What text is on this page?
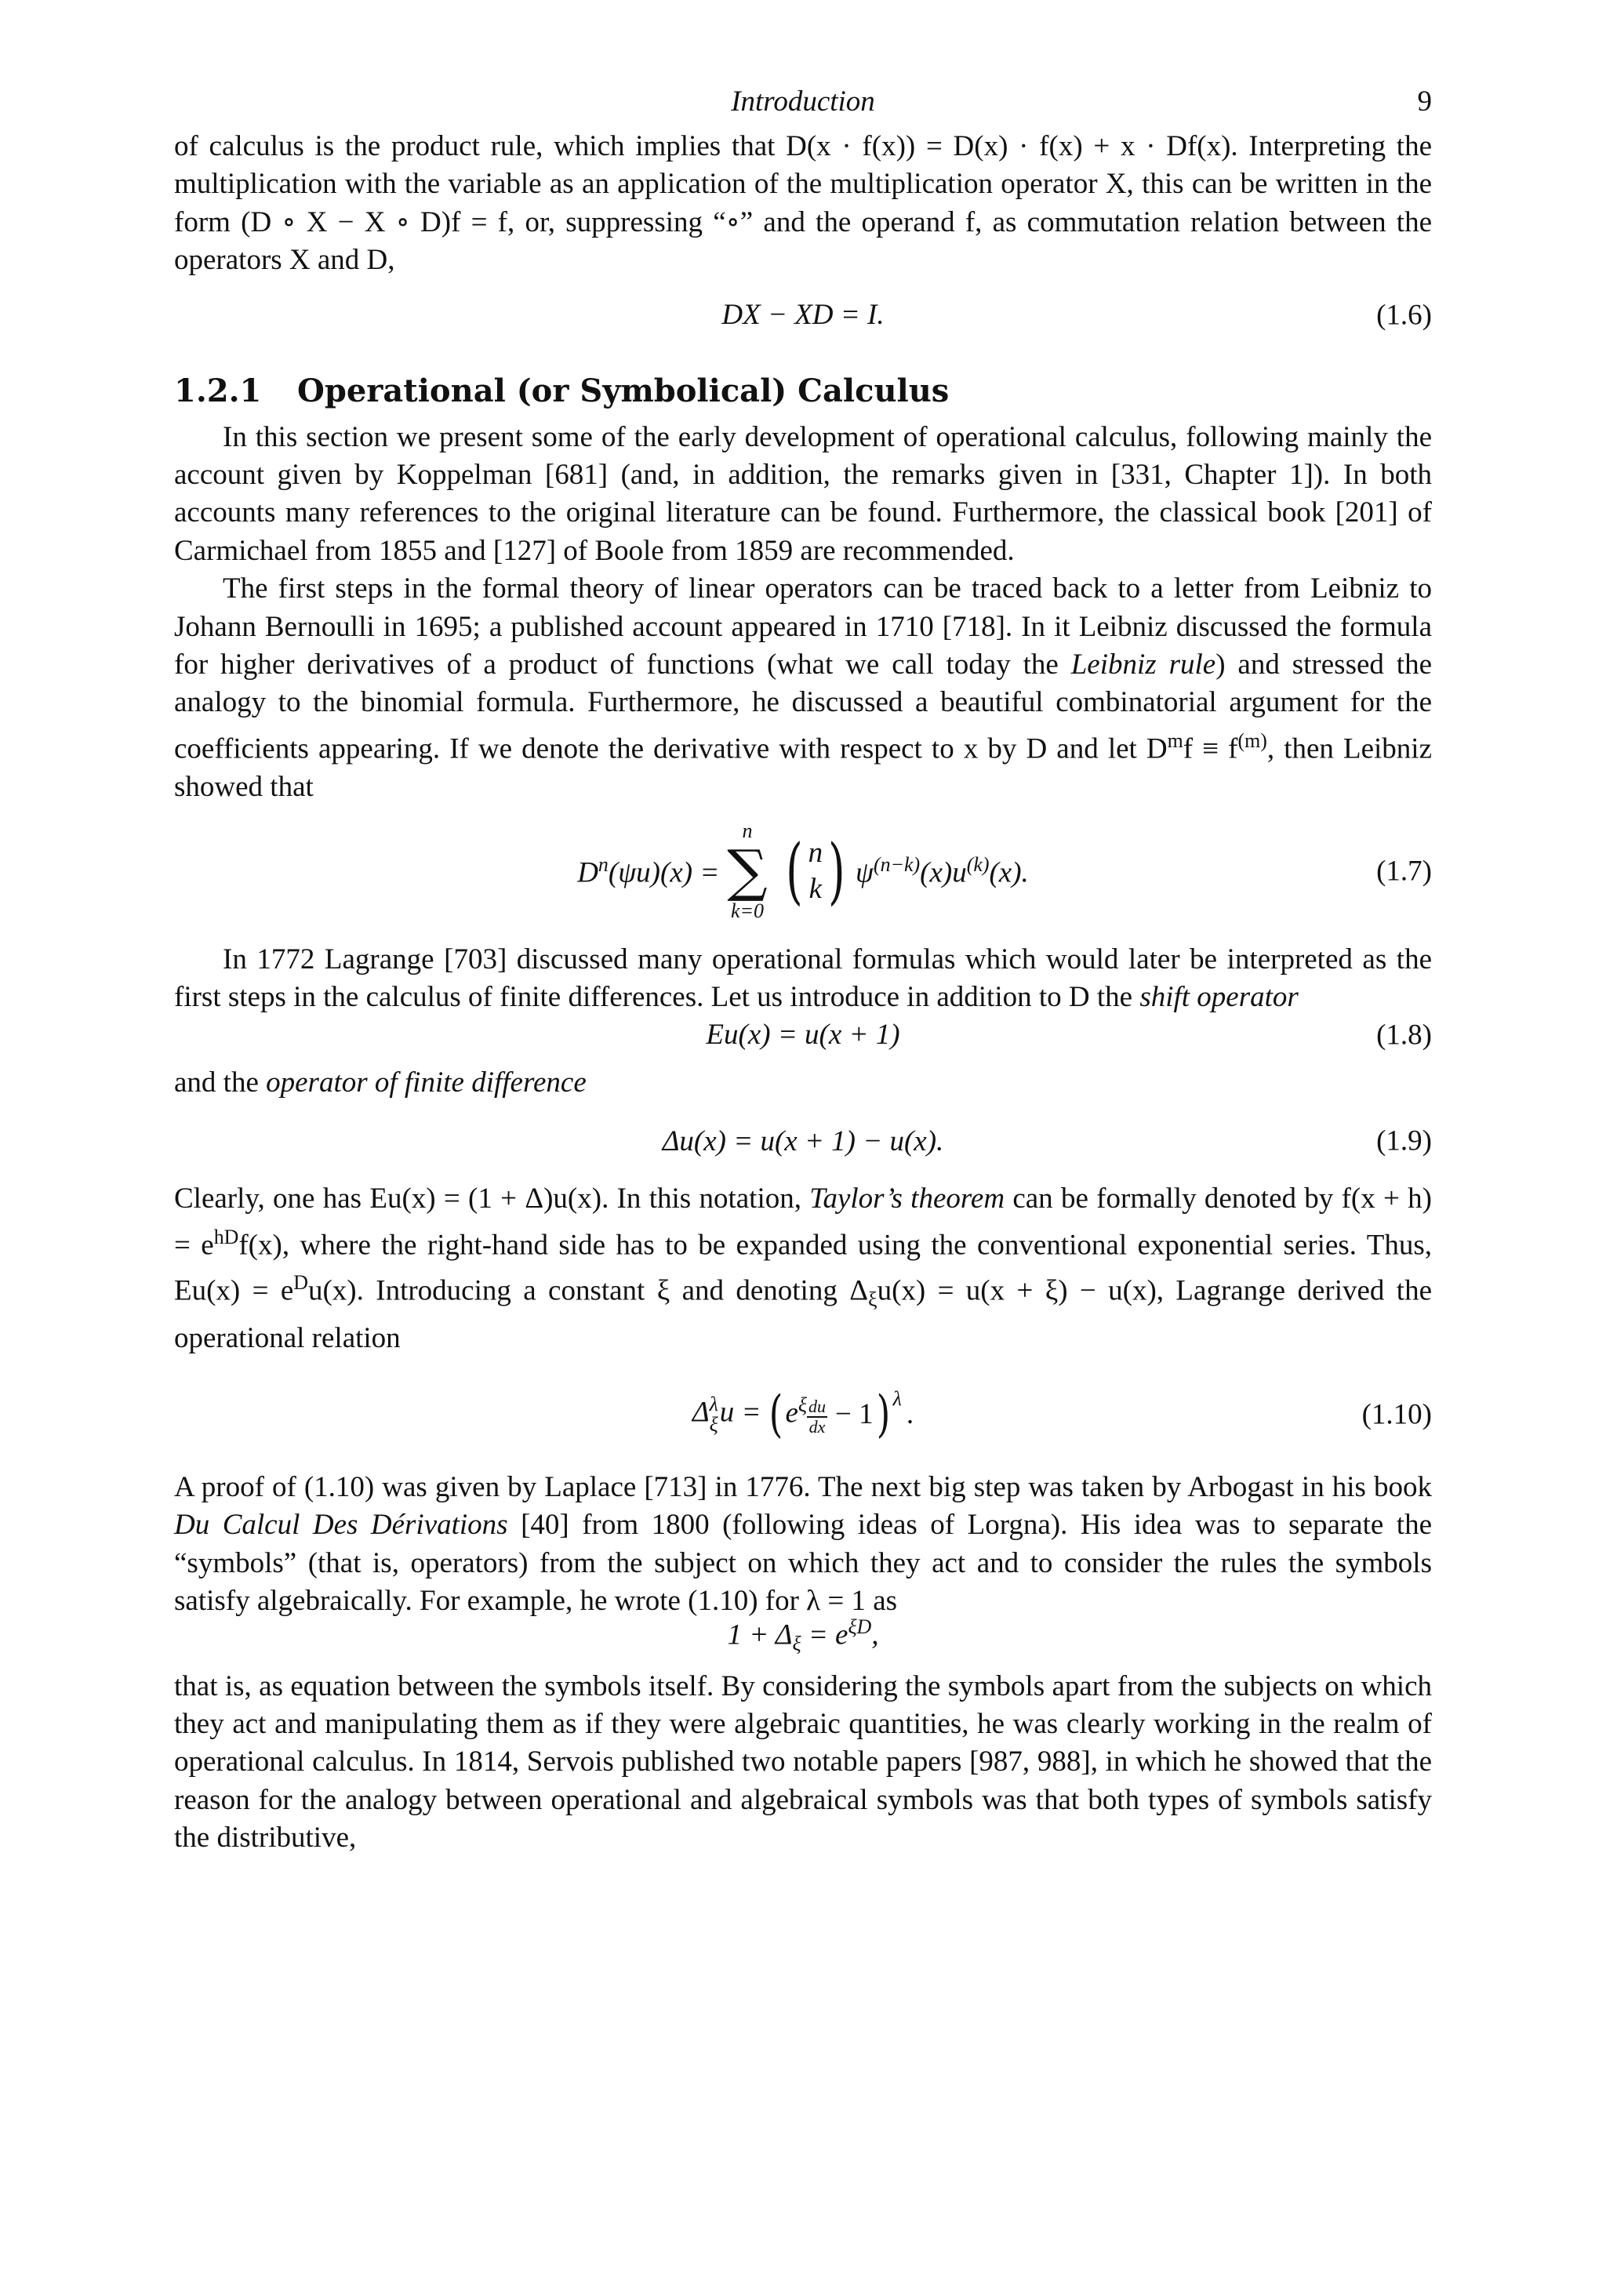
Introduction	9

of calculus is the product rule, which implies that D(x · f(x)) = D(x) · f(x) + x · Df(x). Interpreting the multiplication with the variable as an application of the multiplication operator X, this can be written in the form (D ∘ X − X ∘ D)f = f, or, suppressing “∘” and the operand f, as commutation relation between the operators X and D,

DX − XD = I.	(1.6)
1.2.1 Operational (or Symbolical) Calculus

In this section we present some of the early development of operational calculus, following mainly the account given by Koppelman [681] (and, in addition, the remarks given in [331, Chapter 1]). In both accounts many references to the original literature can be found. Furthermore, the classical book [201] of Carmichael from 1855 and [127] of Boole from 1859 are recommended.

The first steps in the formal theory of linear operators can be traced back to a letter from Leibniz to Johann Bernoulli in 1695; a published account appeared in 1710 [718]. In it Leibniz discussed the formula for higher derivatives of a product of functions (what we call today the Leibniz rule) and stressed the analogy to the binomial formula. Furthermore, he discussed a beautiful combinatorial argument for the coefficients appearing. If we denote the derivative with respect to x by D and let $D^mf \equiv f^{(m)}$, then Leibniz showed that

$D^n(\psi u)(x)$ =
n
∑
k=0 ( n
k ) $\psi^{(n-k)}(x)u^{(k)}(x)$.	(1.7)

In 1772 Lagrange [703] discussed many operational formulas which would later be interpreted as the first steps in the calculus of finite differences. Let us introduce in addition to D the shift operator

Eu(x) = u(x + 1)	(1.8)

and the operator of finite difference

Δu(x) = u(x + 1) − u(x).	(1.9)

Clearly, one has Eu(x) = (1 + Δ)u(x). In this notation, Taylor’s theorem can be formally denoted by $f(x + h) = e^{hD}f(x)$, where the right-hand side has to be expanded using the conventional exponential series. Thus, $Eu(x) = e^Du(x)$. Introducing a constant ξ and denoting $\Delta_\xi u(x) = u(x + \xi) - u(x)$, Lagrange derived the operational relation

Δ λ
ξ u = ( $e^\xi \frac{du}{dx} - 1$ )$^\lambda$ .	(1.10)

A proof of (1.10) was given by Laplace [713] in 1776. The next big step was taken by Arbogast in his book Du Calcul Des Dérivations [40] from 1800 (following ideas of Lorgna). His idea was to separate the “symbols” (that is, operators) from the subject on which they act and to consider the rules the symbols satisfy algebraically. For example, he wrote (1.10) for λ = 1 as

$1 + \Delta_\xi = e^{\xi D}$,

that is, as equation between the symbols itself. By considering the symbols apart from the subjects on which they act and manipulating them as if they were algebraic quantities, he was clearly working in the realm of operational calculus. In 1814, Servois published two notable papers [987, 988], in which he showed that the reason for the analogy between operational and algebraical symbols was that both types of symbols satisfy the distributive,
